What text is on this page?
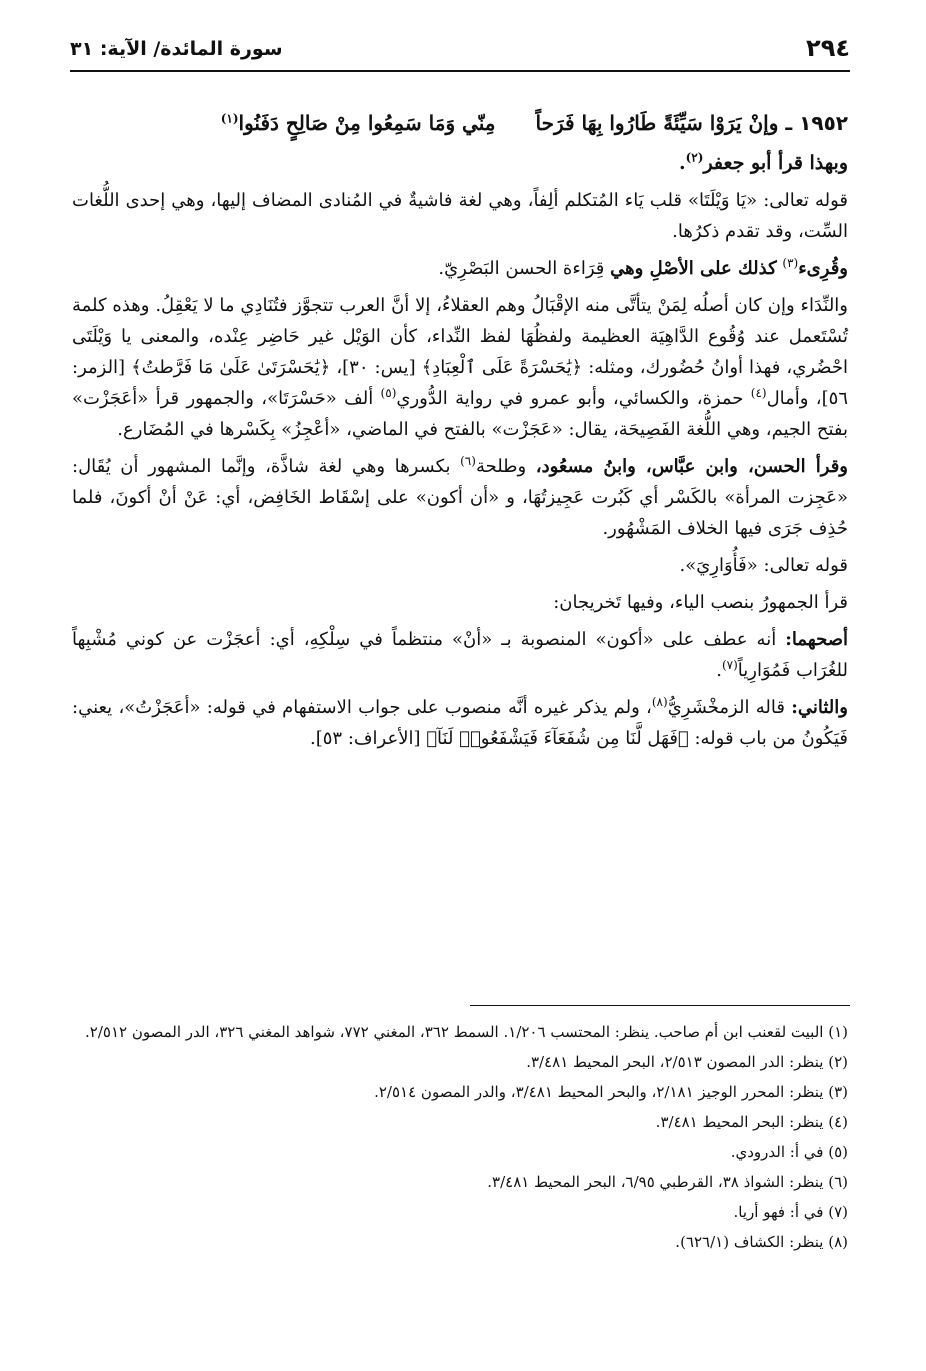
٢٩٤
سورة المائدة/ الآية: ٣١

١٩٥٢ ـ وإنْ يَرَوْا سَيِّئَةً طَارُوا بِهَا فَرَحاًمِنّي وَمَا سَمِعُوا مِنْ صَالِحٍ دَفَنُوا$^{(١)}$

وبهذا قرأ أبو جعفر$^{(٢)}$.

قوله تعالى: «يَا وَيْلَتَا» قلب يَاء المُتكلم ألِفاً، وهي لغة فاشيةٌ في المُنادى المضاف إليها، وهي إحدى اللُّغات السِّت، وقد تقدم ذكرُها.

وقُرِىء$^{(٣)}$ كذلك على الأصْلِ وهي قِرَاءة الحسن البَصْرِيّ.

والنِّدَاء وإن كان أصلُه لِمَنْ يتأتَّى منه الإقْبَالُ وهم العقلاءُ، إلا أنَّ العرب تتجوَّز فتُنَادِي ما لا يَعْقِلُ. وهذه كلمة تُسْتَعمل عند وُقُوع الدَّاهِيَة العظيمة ولفظُهَا لفظ النِّداء، كأن الوَيْل غير حَاضِر عِنْده، والمعنى يا وَيْلَتَى احْضُري، فهذا أوانُ حُضُورك، ومثله: ﴿يَٰحَسْرَةً عَلَى ٱلْعِبَادِ﴾ [يس: ٣٠]، ﴿يَٰحَسْرَتَىٰ عَلَىٰ مَا فَرَّطتُ﴾ [الزمر: ٥٦]، وأمال$^{(٤)}$ حمزة، والكسائي، وأبو عمرو في رواية الدُّوري$^{(٥)}$ ألف «حَسْرَتَا»، والجمهور قرأ «أعَجَزْت» بفتح الجيم، وهي اللُّغة الفَصِيحَة، يقال: «عَجَزْت» بالفتح في الماضي، «أعْجِزُ» بِكَسْرها في المُضَارع.

وقرأ الحسن، وابن عبَّاس، وابنُ مسعُود، وطلحة$^{(٦)}$ بكسرها وهي لغة شاذَّة، وإنَّما المشهور أن يُقَال: «عَجِزت المرأة» بالكَسْر أي كَبُرت عَجِيزتُهَا، و «أن أكون» على إسْقَاط الخَافِض، أي: عَنْ أنْ أكونَ، فلما حُذِف جَرَى فيها الخلاف المَشْهُور.

قوله تعالى: «فَأُوَارِيَ».

قرأ الجمهورُ بنصب الياء، وفيها تَخريجان:

أصحهما: أنه عطف على «أكون» المنصوبة بـ «أنْ» منتظماً في سِلْكِهِ، أي: أعجَزْت عن كوني مُشْبِهاً للغُرَاب فَمُوَارِياً$^{(٧)}$.

والثاني: قاله الزمخْشَرِيُّ$^{(٨)}$، ولم يذكر غيره أنَّه منصوب على جواب الاستفهام في قوله: «أعَجَزْتُ»، يعني: فَيَكُونُ من باب قوله: ﴿فَهَل لَّنَا مِن شُفَعَآءَ فَيَشْفَعُوا۟ لَنَآ﴾ [الأعراف: ٥٣].

(١) البيت لقعنب ابن أم صاحب. ينظر: المحتسب ١/٢٠٦. السمط ٣٦٢، المغني ٧٧٢، شواهد المغني ٣٢٦، الدر المصون ٢/٥١٢.
(٢) ينظر: الدر المصون ٢/٥١٣، البحر المحيط ٣/٤٨١.
(٣) ينظر: المحرر الوجيز ٢/١٨١، والبحر المحيط ٣/٤٨١، والدر المصون ٢/٥١٤.
(٤) ينظر: البحر المحيط ٣/٤٨١.
(٥) في أ: الدرودي.
(٦) ينظر: الشواذ ٣٨، القرطبي ٦/٩٥، البحر المحيط ٣/٤٨١.
(٧) في أ: فهو أريا.
(٨) ينظر: الكشاف (٦٢٦/١).
